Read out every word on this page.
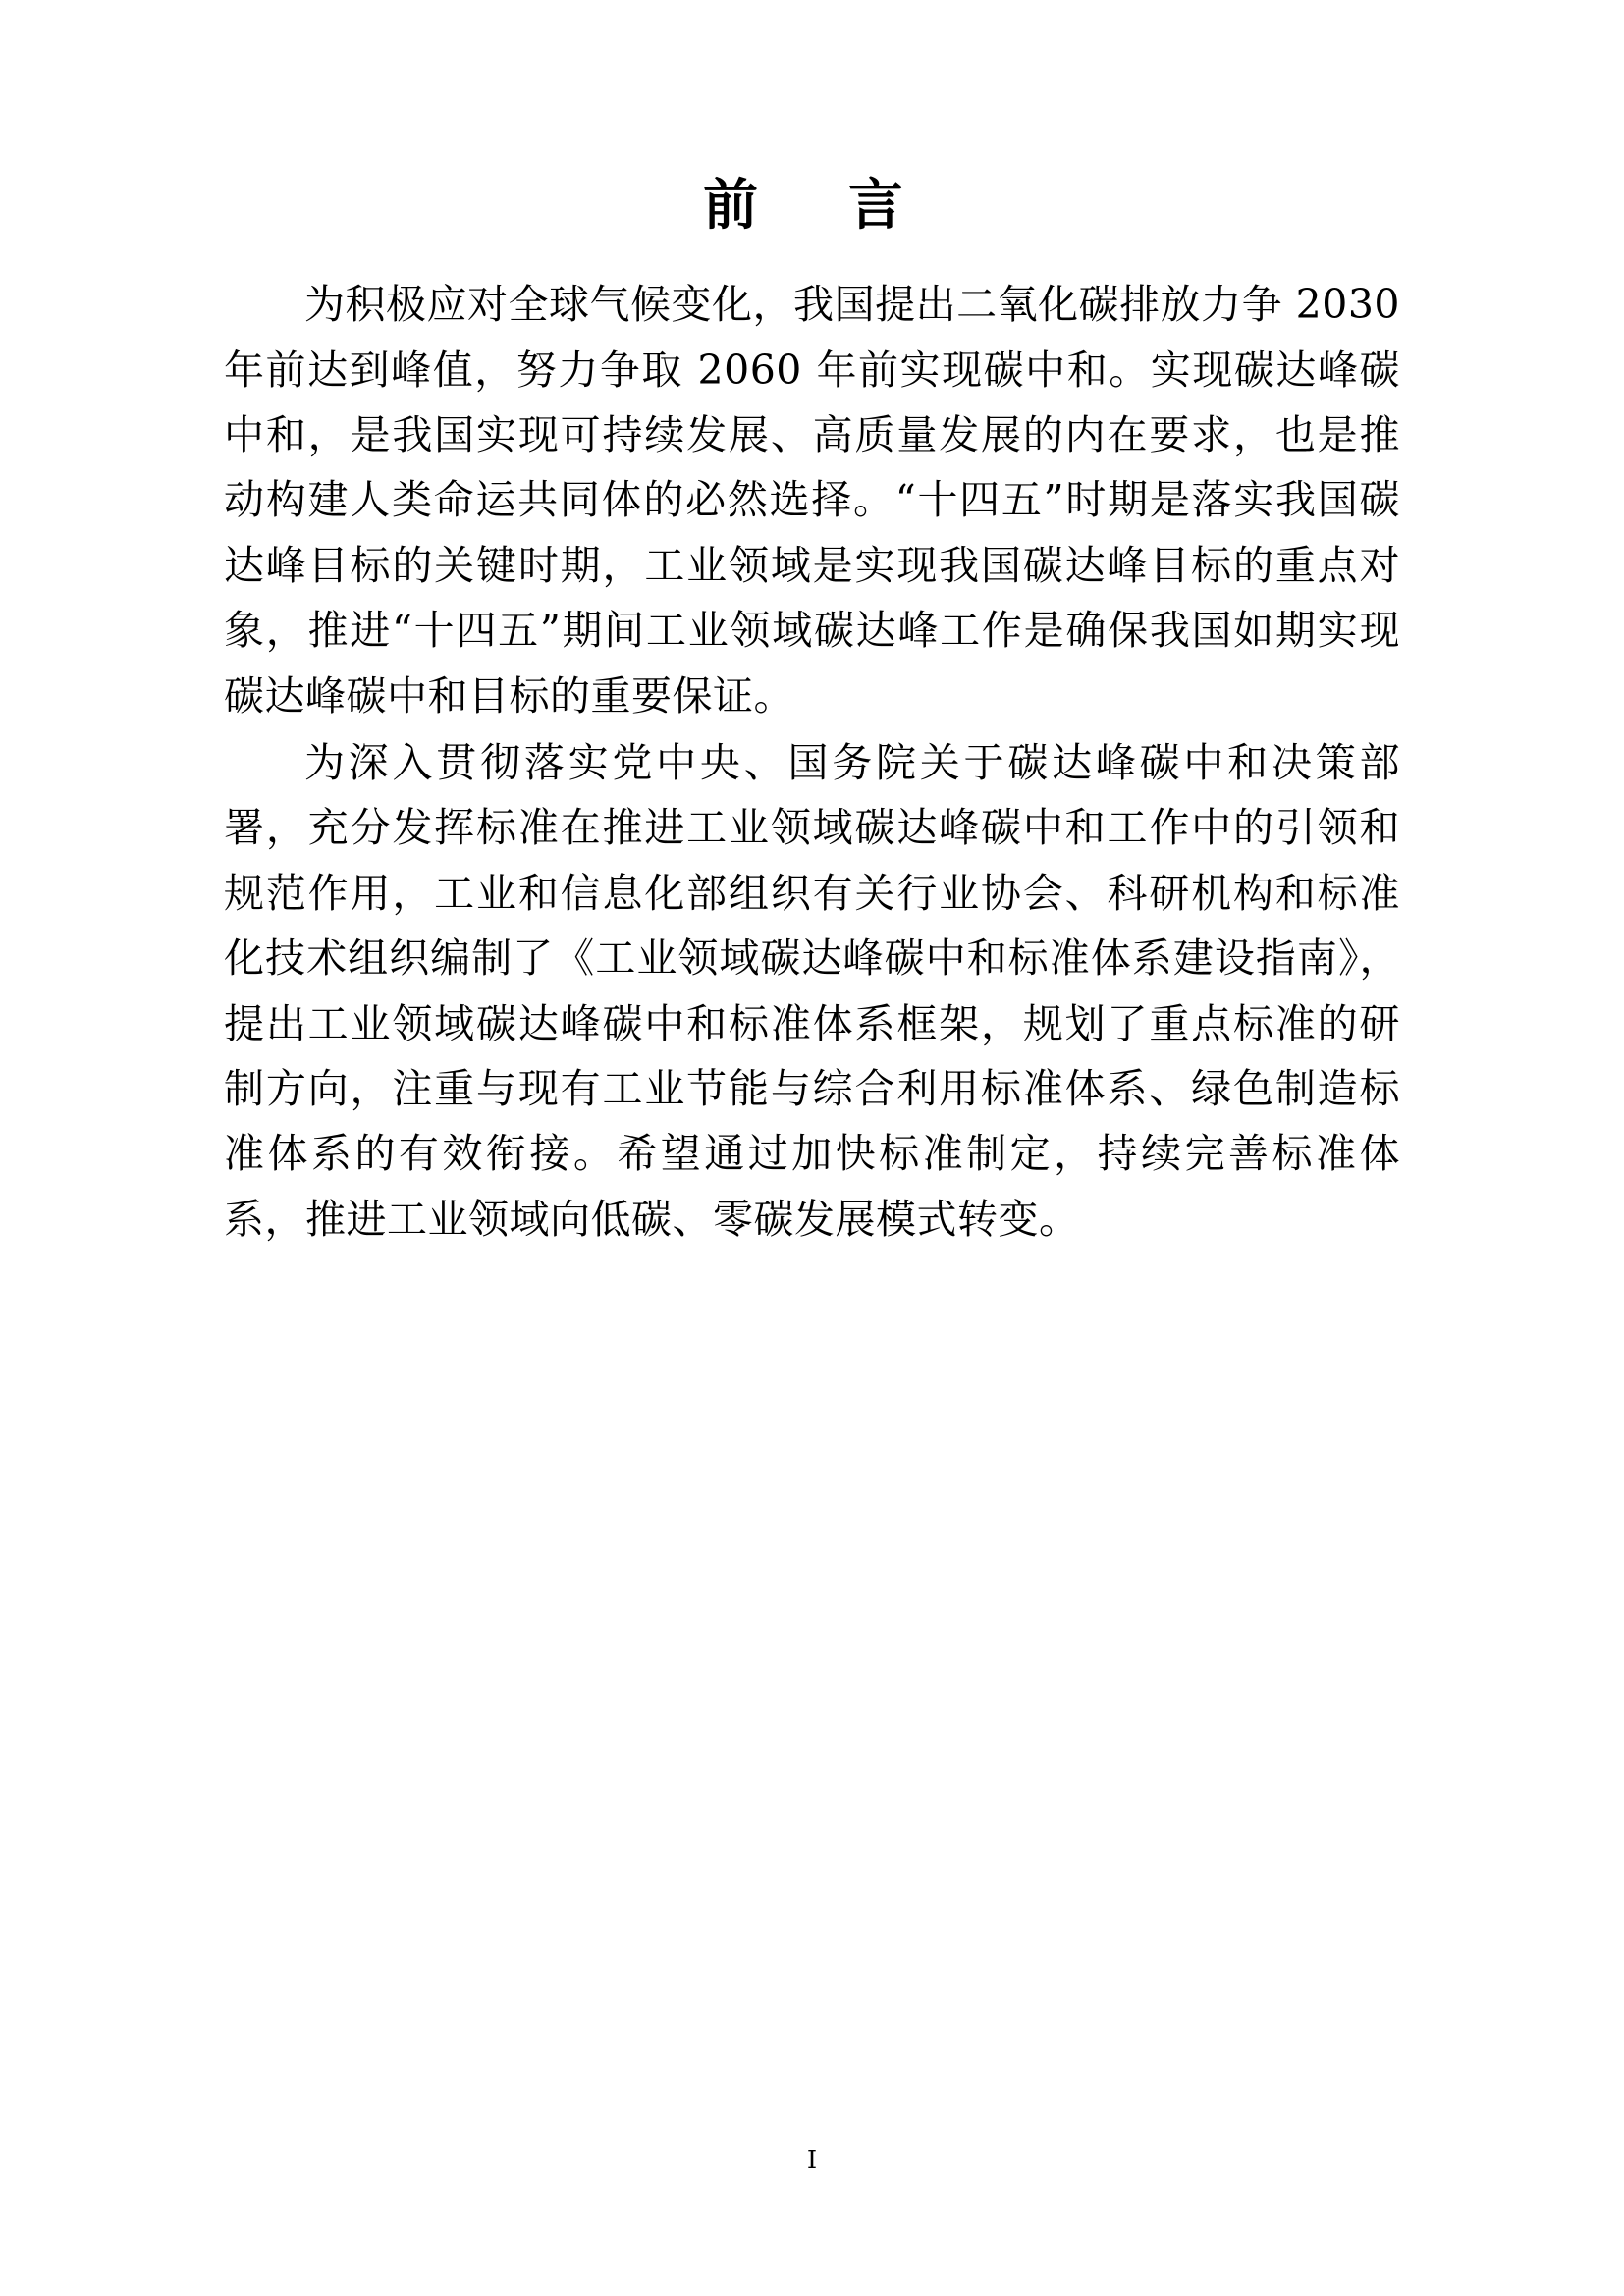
前　言

为积极应对全球气候变化，我国提出二氧化碳排放力争 2030 年前达到峰值，努力争取 2060 年前实现碳中和。实现碳达峰碳中和，是我国实现可持续发展、高质量发展的内在要求，也是推动构建人类命运共同体的必然选择。“十四五”时期是落实我国碳达峰目标的关键时期，工业领域是实现我国碳达峰目标的重点对象，推进“十四五”期间工业领域碳达峰工作是确保我国如期实现碳达峰碳中和目标的重要保证。

为深入贯彻落实党中央、国务院关于碳达峰碳中和决策部署，充分发挥标准在推进工业领域碳达峰碳中和工作中的引领和规范作用，工业和信息化部组织有关行业协会、科研机构和标准化技术组织编制了《工业领域碳达峰碳中和标准体系建设指南》，提出工业领域碳达峰碳中和标准体系框架，规划了重点标准的研制方向，注重与现有工业节能与综合利用标准体系、绿色制造标准体系的有效衔接。希望通过加快标准制定，持续完善标准体系，推进工业领域向低碳、零碳发展模式转变。

I
